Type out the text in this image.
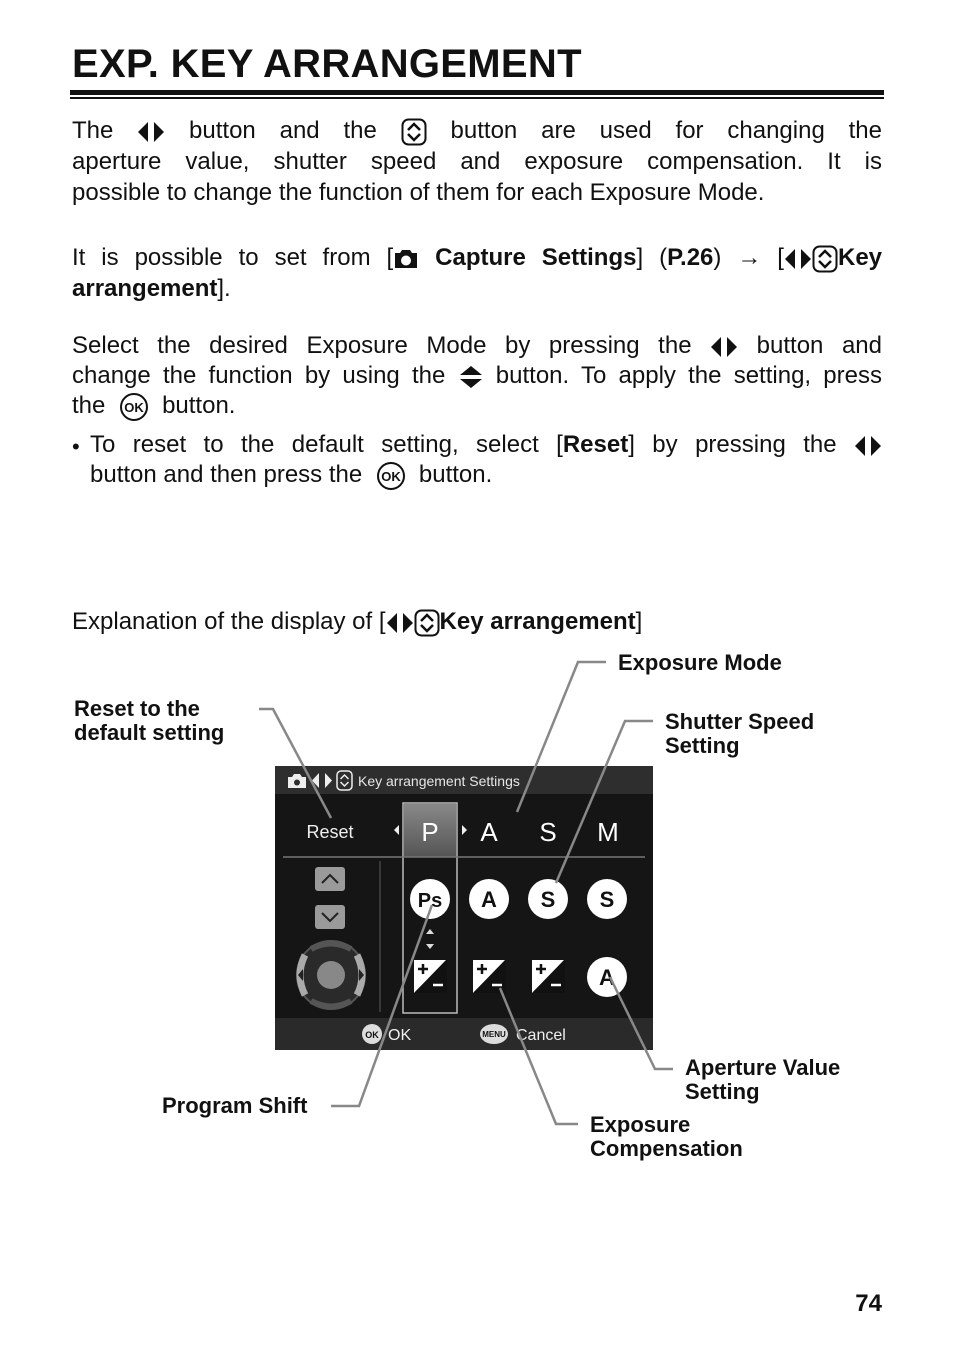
EXP. KEY ARRANGEMENT
The	button and the	button are used for changing the
aperture value, shutter speed and exposure compensation. It is
possible to change the function of them for each Exposure Mode.
It is possible to set from [ Capture Settings] (P.26) → [ Key
arrangement].
Select the desired Exposure Mode by pressing the	button and
change the function by using the button. To apply the setting, press
the OK button.
• To reset to the default setting, select [Reset] by pressing the
button and then press the OK button.
Explanation of the display of [ Key arrangement]
Key arrangement Settings
Reset	P A S M
Ps A S S
A
OK OK	MENU Cancel
Exposure Mode
Reset to the
default setting	Shutter Speed
Setting
Aperture Value
Setting
Program Shift
Exposure
Compensation
74
